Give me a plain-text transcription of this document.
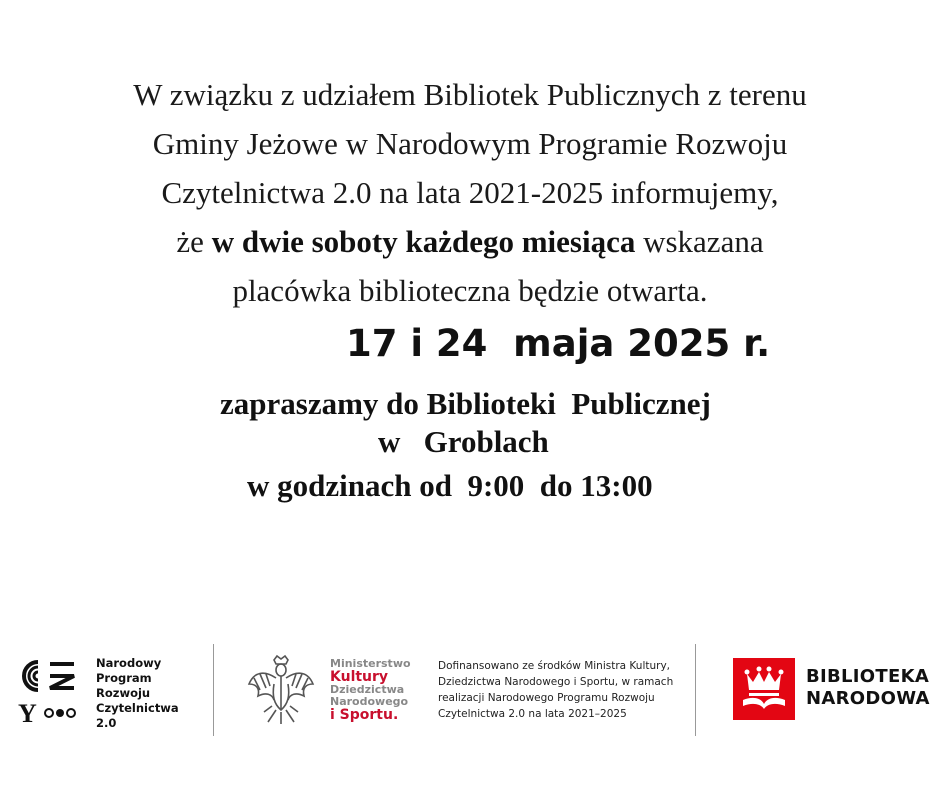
W związku z udziałem Bibliotek Publicznych z terenu
Gminy Jeżowe w Narodowym Programie Rozwoju
Czytelnictwa 2.0 na lata 2021-2025 informujemy,
że w dwie soboty każdego miesiąca wskazana
placówka biblioteczna będzie otwarta.
17 i 24  maja 2025 r.
zapraszamy do Biblioteki  Publicznej
w   Groblach
w godzinach od  9:00  do 13:00
Y
Narodowy
Program
Rozwoju
Czytelnictwa
2.0
Ministerstwo
Kultury
Dziedzictwa
Narodowego
i Sportu.
Dofinansowano ze środków Ministra Kultury,
Dziedzictwa Narodowego i Sportu, w ramach
realizacji Narodowego Programu Rozwoju
Czytelnictwa 2.0 na lata 2021–2025
BIBLIOTEKA
NARODOWA
